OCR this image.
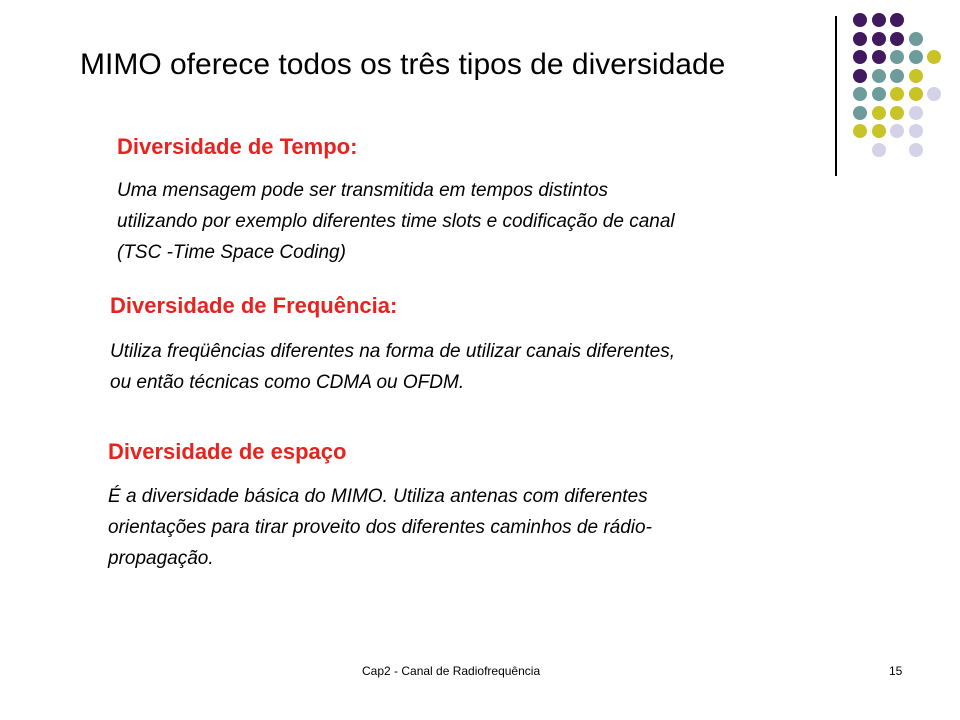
MIMO oferece todos os três tipos de diversidade
Diversidade de Tempo:
Uma mensagem pode ser transmitida em tempos distintos
utilizando por exemplo diferentes time slots e codificação de canal
(TSC -Time Space Coding)
Diversidade de Frequência:
Utiliza freqüências diferentes na forma de utilizar canais diferentes,
ou então técnicas como CDMA ou OFDM.
Diversidade de espaço
É a diversidade básica do MIMO. Utiliza antenas com diferentes
orientações para tirar proveito dos diferentes caminhos de rádio-
propagação.
Cap2 - Canal de Radiofrequência	15
